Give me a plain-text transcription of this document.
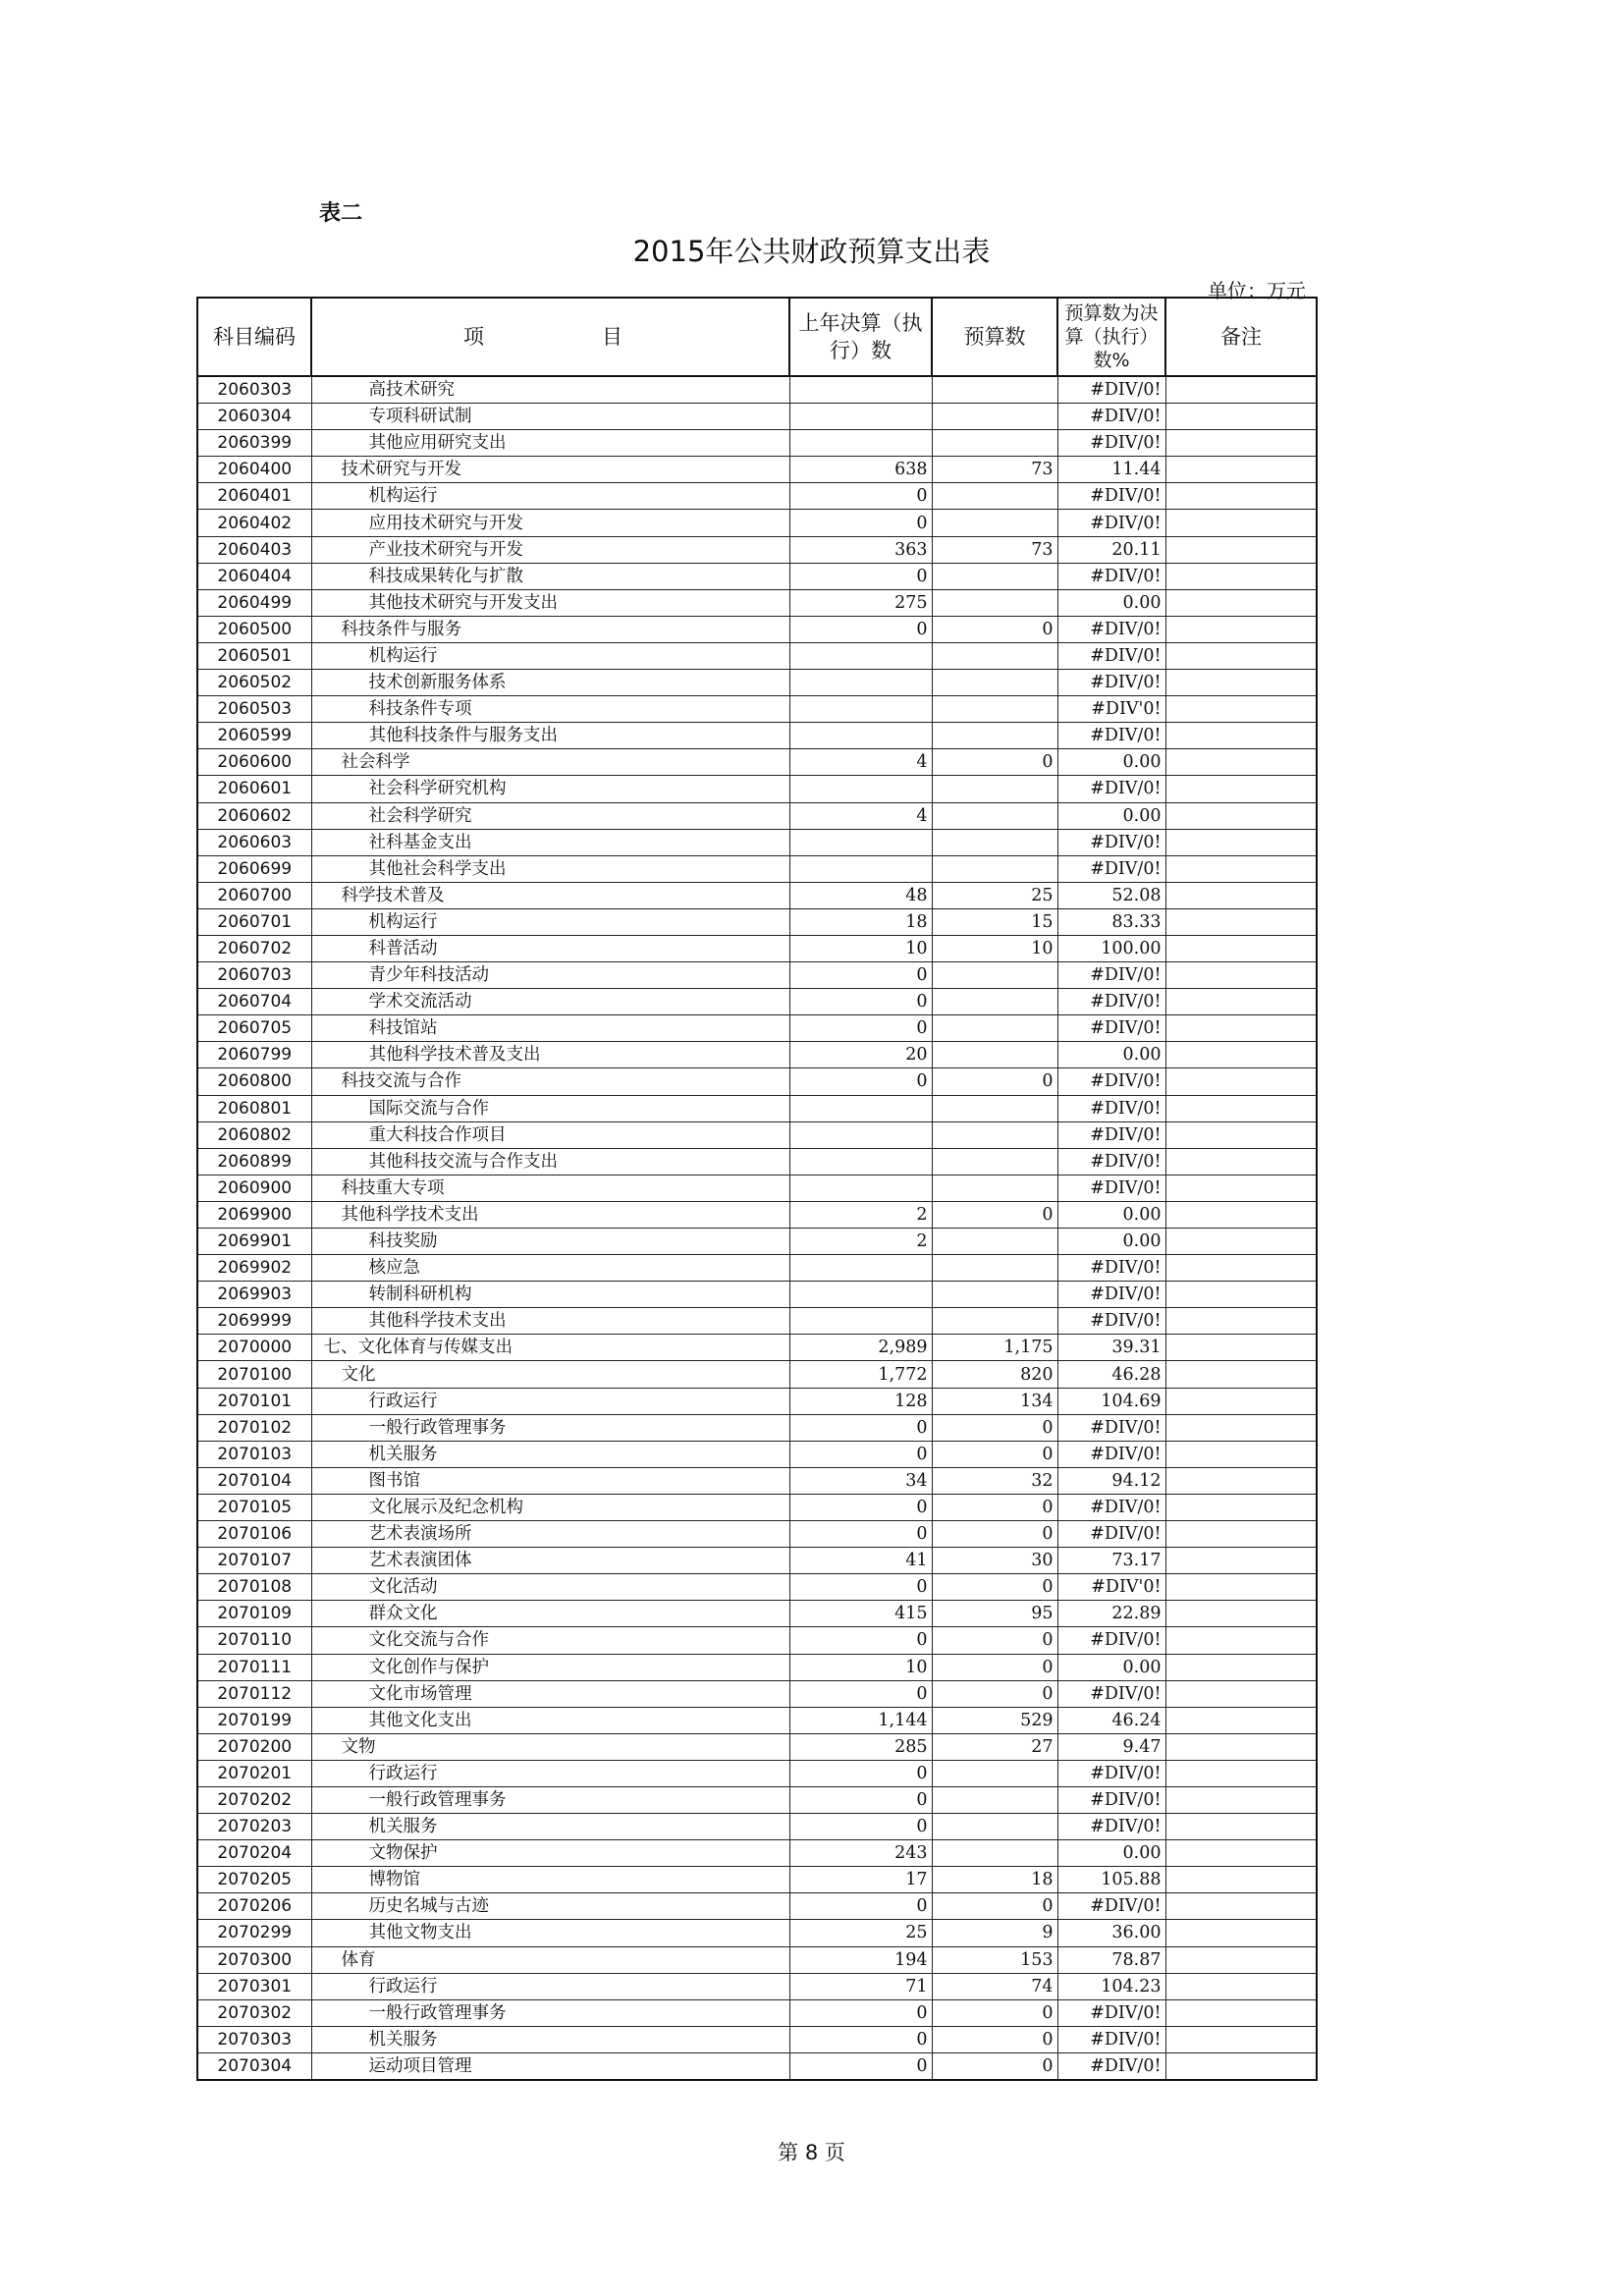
表二
2015年公共财政预算支出表
单位：万元
科目编码	项 目	上年决算（执行）数	预算数	预算数为决算（执行）数%	备注
2060303	高技术研究			#DIV/0!	
2060304	专项科研试制			#DIV/0!	
2060399	其他应用研究支出			#DIV/0!	
2060400	技术研究与开发	638	73	11.44	
2060401	机构运行	0		#DIV/0!	
2060402	应用技术研究与开发	0		#DIV/0!	
2060403	产业技术研究与开发	363	73	20.11	
2060404	科技成果转化与扩散	0		#DIV/0!	
2060499	其他技术研究与开发支出	275		0.00	
2060500	科技条件与服务	0	0	#DIV/0!	
2060501	机构运行			#DIV/0!	
2060502	技术创新服务体系			#DIV/0!	
2060503	科技条件专项			#DIV'0!	
2060599	其他科技条件与服务支出			#DIV/0!	
2060600	社会科学	4	0	0.00	
2060601	社会科学研究机构			#DIV/0!	
2060602	社会科学研究	4		0.00	
2060603	社科基金支出			#DIV/0!	
2060699	其他社会科学支出			#DIV/0!	
2060700	科学技术普及	48	25	52.08	
2060701	机构运行	18	15	83.33	
2060702	科普活动	10	10	100.00	
2060703	青少年科技活动	0		#DIV/0!	
2060704	学术交流活动	0		#DIV/0!	
2060705	科技馆站	0		#DIV/0!	
2060799	其他科学技术普及支出	20		0.00	
2060800	科技交流与合作	0	0	#DIV/0!	
2060801	国际交流与合作			#DIV/0!	
2060802	重大科技合作项目			#DIV/0!	
2060899	其他科技交流与合作支出			#DIV/0!	
2060900	科技重大专项			#DIV/0!	
2069900	其他科学技术支出	2	0	0.00	
2069901	科技奖励	2		0.00	
2069902	核应急			#DIV/0!	
2069903	转制科研机构			#DIV/0!	
2069999	其他科学技术支出			#DIV/0!	
2070000	七、文化体育与传媒支出	2,989	1,175	39.31	
2070100	文化	1,772	820	46.28	
2070101	行政运行	128	134	104.69	
2070102	一般行政管理事务	0	0	#DIV/0!	
2070103	机关服务	0	0	#DIV/0!	
2070104	图书馆	34	32	94.12	
2070105	文化展示及纪念机构	0	0	#DIV/0!	
2070106	艺术表演场所	0	0	#DIV/0!	
2070107	艺术表演团体	41	30	73.17	
2070108	文化活动	0	0	#DIV'0!	
2070109	群众文化	415	95	22.89	
2070110	文化交流与合作	0	0	#DIV/0!	
2070111	文化创作与保护	10	0	0.00	
2070112	文化市场管理	0	0	#DIV/0!	
2070199	其他文化支出	1,144	529	46.24	
2070200	文物	285	27	9.47	
2070201	行政运行	0		#DIV/0!	
2070202	一般行政管理事务	0		#DIV/0!	
2070203	机关服务	0		#DIV/0!	
2070204	文物保护	243		0.00	
2070205	博物馆	17	18	105.88	
2070206	历史名城与古迹	0	0	#DIV/0!	
2070299	其他文物支出	25	9	36.00	
2070300	体育	194	153	78.87	
2070301	行政运行	71	74	104.23	
2070302	一般行政管理事务	0	0	#DIV/0!	
2070303	机关服务	0	0	#DIV/0!	
2070304	运动项目管理	0	0	#DIV/0!	
第 8 页
